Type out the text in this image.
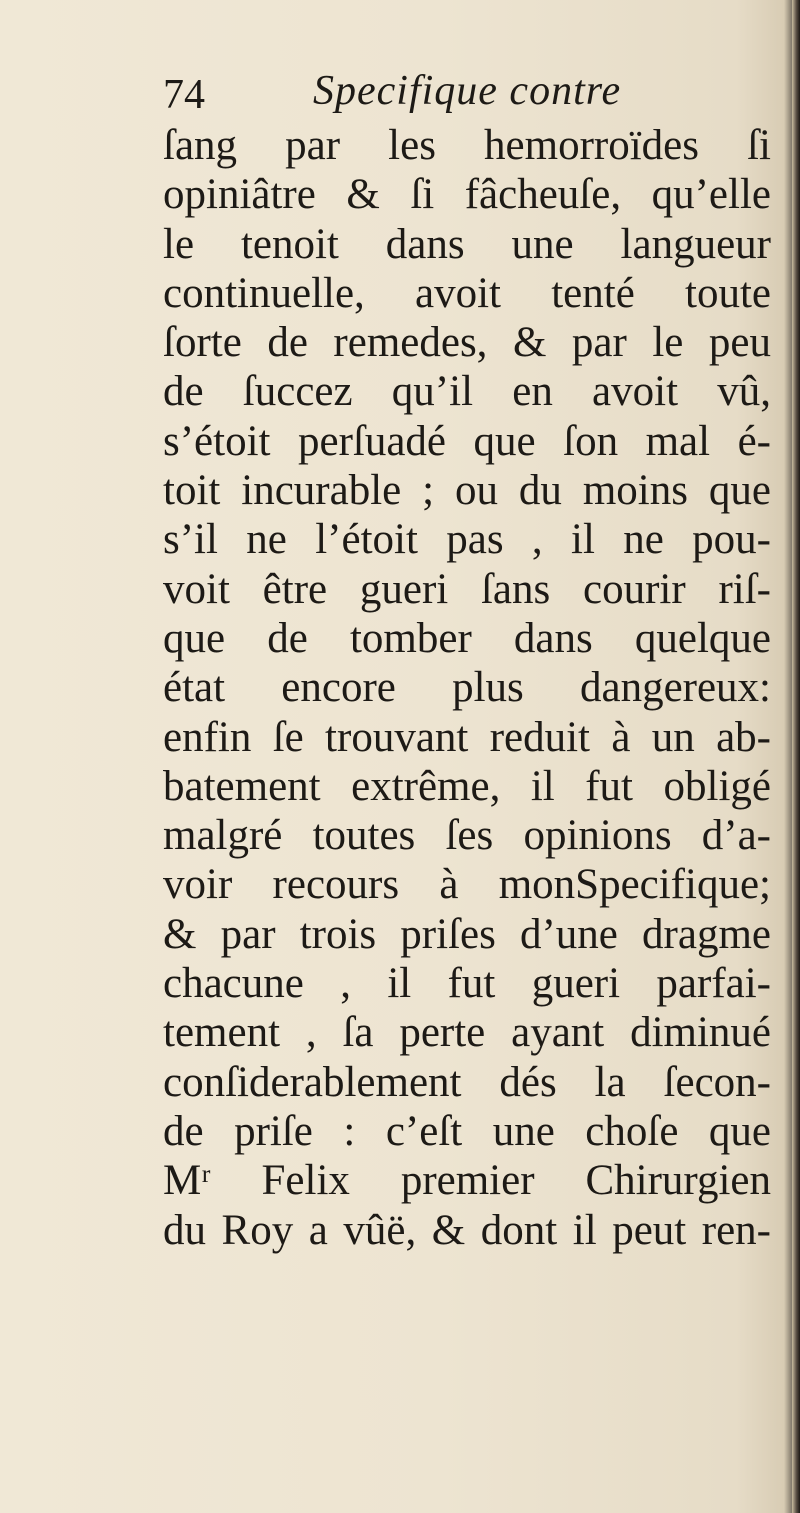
74	Specifique contre
ſang par les hemorroïdes ſi
opiniâtre & ſi fâcheuſe, qu’elle
le tenoit dans une langueur
continuelle, avoit tenté toute
ſorte de remedes, & par le peu
de ſuccez qu’il en avoit vû,
s’étoit perſuadé que ſon mal é-
toit incurable ; ou du moins que
s’il ne l’étoit pas , il ne pou-
voit être gueri ſans courir riſ-
que de tomber dans quelque
état encore plus dangereux:
enfin ſe trouvant reduit à un ab-
batement extrême, il fut obligé
malgré toutes ſes opinions d’a-
voir recours à monSpecifique;
& par trois priſes d’une dragme
chacune , il fut gueri parfai-
tement , ſa perte ayant diminué
conſiderablement dés la ſecon-
de priſe : c’eſt une choſe que
Mʳ Felix premier Chirurgien
du Roy a vûë, & dont il peut ren-
